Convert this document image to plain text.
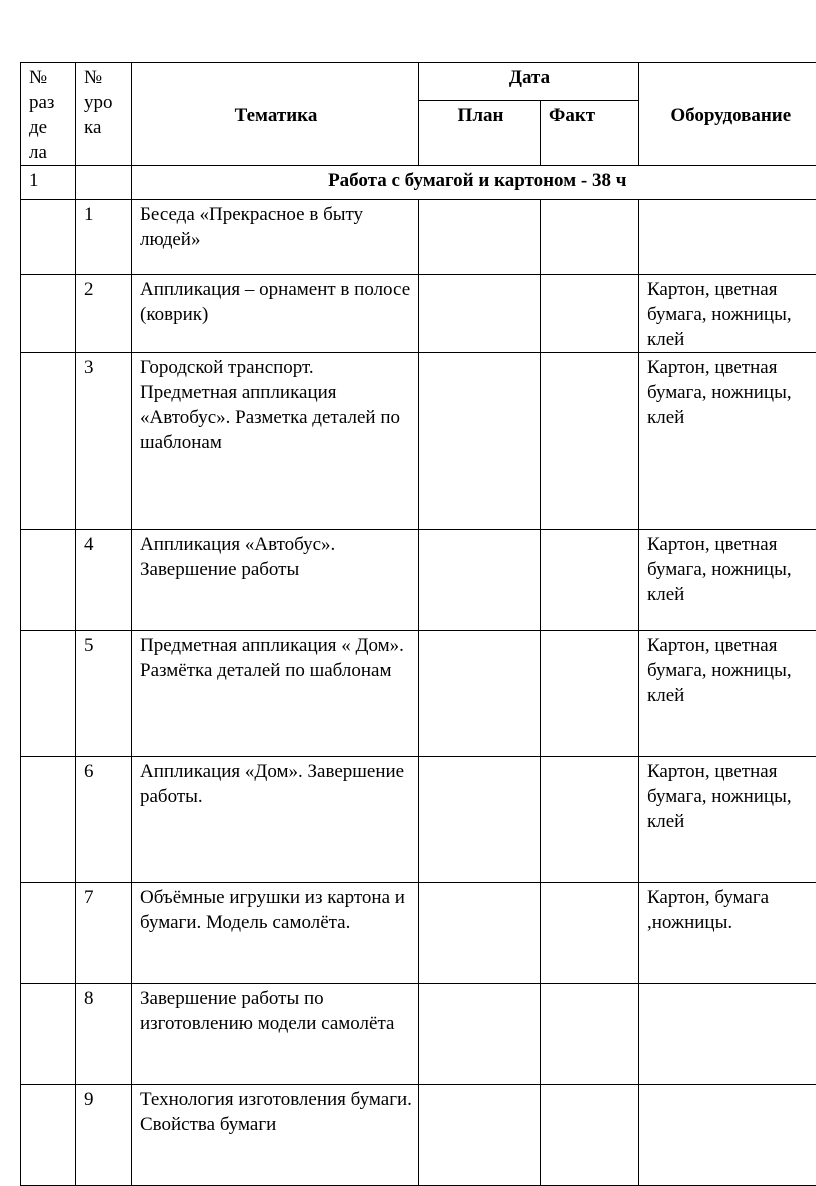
№ раз де ла	№ уро ка	Тематика	Дата		Оборудование
			План	Факт	
1		Работа с бумагой и картоном - 38 ч			
	1	Беседа «Прекрасное в быту людей»			
	2	Аппликация – орнамент в полосе (коврик)			Картон, цветная бумага, ножницы, клей
	3	Городской транспорт. Предметная аппликация «Автобус». Разметка деталей по шаблонам			Картон, цветная бумага, ножницы, клей
	4	Аппликация «Автобус». Завершение работы			Картон, цветная бумага, ножницы, клей
	5	Предметная аппликация « Дом». Размётка деталей по шаблонам			Картон, цветная бумага, ножницы, клей
	6	Аппликация «Дом». Завершение работы.			Картон, цветная бумага, ножницы, клей
	7	Объёмные игрушки из картона и бумаги. Модель самолёта.			Картон, бумага ,ножницы.
	8	Завершение работы по изготовлению модели самолёта			
	9	Технология изготовления бумаги. Свойства бумаги			
